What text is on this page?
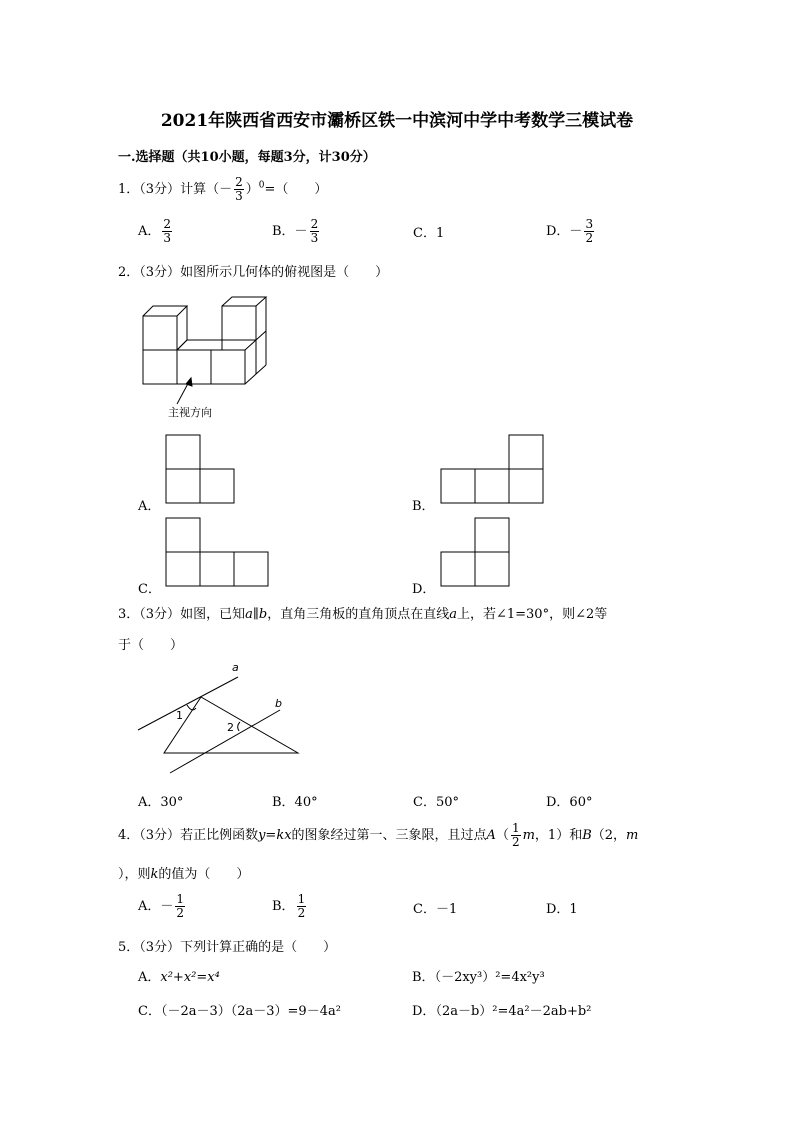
2021年陕西省西安市灞桥区铁一中滨河中学中考数学三模试卷
一.选择题（共10小题，每题3分，计30分）
1．（3分）计算（－ $\frac{2}{3} )^0=$（　　）
A． $\frac{2}{3}$	B．－ $\frac{2}{3}$	C．1	D．－ $\frac{3}{2}$
2．（3分）如图所示几何体的俯视图是（　　）
主视方向
A．	B．
C．	D．
3．（3分）如图，已知a∥b，直角三角板的直角顶点在直线a上，若∠1=30°，则∠2等
于（　　）
a
b
1
2
A．30°	B．40°	C．50°	D．60°
4．（3分）若正比例函数y=kx的图象经过第一、三象限，且过点$A( \frac{1}{2}$ m，1）和B（2，m
），则k的值为（　　）
A．－ $\frac{1}{2}$	B． $\frac{1}{2}$	C．－1	D．1
5．（3分）下列计算正确的是（　　）
A．x²+x²=x⁴	B．（－2xy³）²=4x²y³
C．（－2a－3）（2a－3）=9－4a²	D．（2a－b）²=4a²－2ab+b²
